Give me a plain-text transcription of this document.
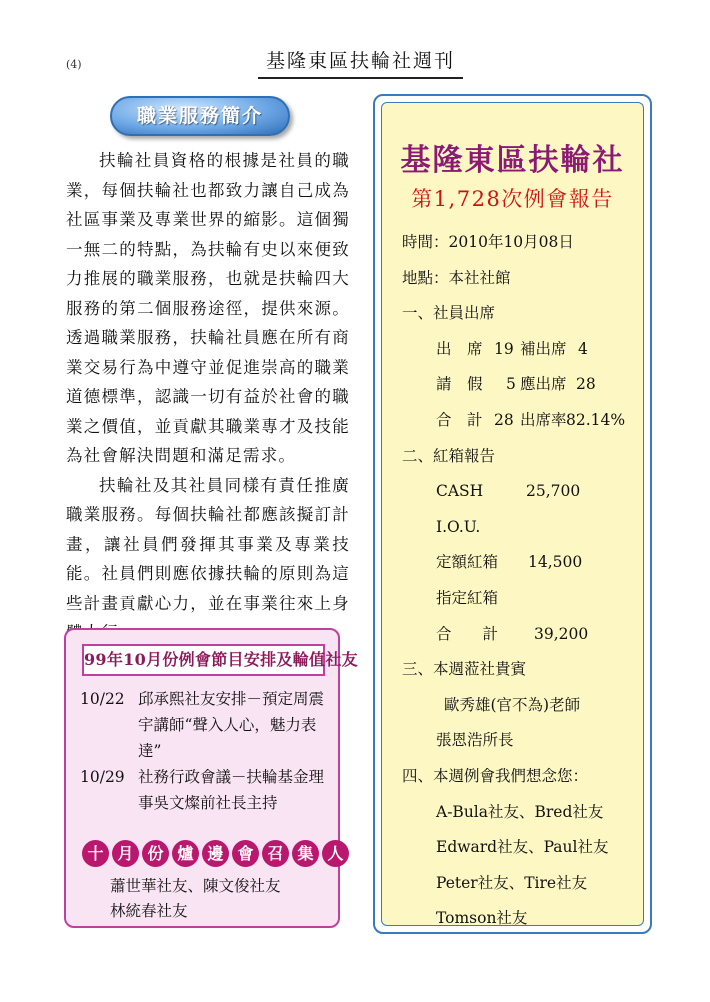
(4)	基隆東區扶輪社週刊
職業服務簡介

扶輪社員資格的根據是社員的職業，每個扶輪社也都致力讓自己成為社區事業及專業世界的縮影。這個獨一無二的特點，為扶輪有史以來便致力推展的職業服務，也就是扶輪四大服務的第二個服務途徑，提供來源。透過職業服務，扶輪社員應在所有商業交易行為中遵守並促進崇高的職業道德標準，認識一切有益於社會的職業之價值，並貢獻其職業專才及技能為社會解決問題和滿足需求。

扶輪社及其社員同樣有責任推廣職業服務。每個扶輪社都應該擬訂計畫，讓社員們發揮其事業及專業技能。社員們則應依據扶輪的原則為這些計畫貢獻心力，並在事業往來上身

99年10月份例會節目安排及輪值社友
10/22 邱承熙社友安排－預定周震
宇講師“聲入人心，魅力表
達”
10/29 社務行政會議－扶輪基金理
事吳文燦前社長主持
十 月 份 爐 邊 會 召 集 人
蕭世華社友、陳文俊社友
林統春社友
基隆東區扶輪社
第1,728次例會報告
時間：2010年10月08日
地點：本社社館
一、社員出席
出　席 19 補出席 4
請　假 5 應出席 28
合　計 28 出席率82.14%
二、紅箱報告
CASH	25,700
I.O.U.
定額紅箱 14,500
指定紅箱
合　　計 39,200
三、本週蒞社貴賓
歐秀雄(官不為)老師
張恩浩所長
四、本週例會我們想念您：
A-Bula社友、Bred社友
Edward社友、Paul社友
Peter社友、Tire社友
Tomson社友
